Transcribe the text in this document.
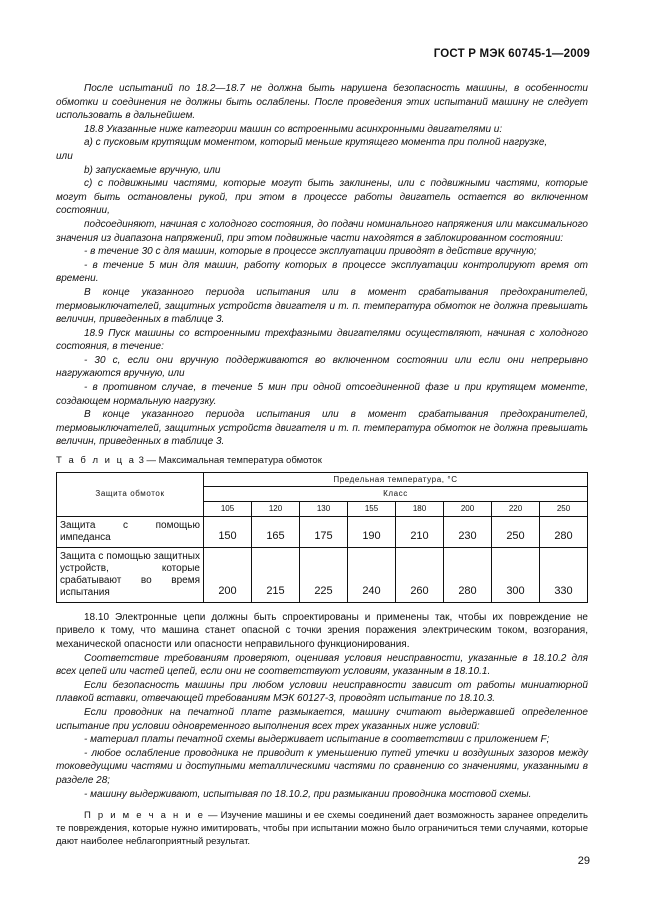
ГОСТ Р МЭК 60745-1—2009

После испытаний по 18.2—18.7 не должна быть нарушена безопасность машины, в особенности обмотки и соединения не должны быть ослаблены. После проведения этих испытаний машину не следует использовать в дальнейшем.

18.8 Указанные ниже категории машин со встроенными асинхронными двигателями и:

а) с пусковым крутящим моментом, который меньше крутящего момента при полной нагрузке,

или

b) запускаемые вручную, или

с) с подвижными частями, которые могут быть заклинены, или с подвижными частями, которые могут быть остановлены рукой, при этом в процессе работы двигатель остается во включенном состоянии,

подсоединяют, начиная с холодного состояния, до подачи номинального напряжения или максимального значения из диапазона напряжений, при этом подвижные части находятся в заблокированном состоянии:

- в течение 30 с для машин, которые в процессе эксплуатации приводят в действие вручную;

- в течение 5 мин для машин, работу которых в процессе эксплуатации контролируют время от времени.

В конце указанного периода испытания или в момент срабатывания предохранителей, термовыключателей, защитных устройств двигателя и т. п. температура обмоток не должна превышать величин, приведенных в таблице 3.

18.9 Пуск машины со встроенными трехфазными двигателями осуществляют, начиная с холодного состояния, в течение:

- 30 с, если они вручную поддерживаются во включенном состоянии или если они непрерывно нагружаются вручную, или

- в противном случае, в течение 5 мин при одной отсоединенной фазе и при крутящем моменте, создающем нормальную нагрузку.

В конце указанного периода испытания или в момент срабатывания предохранителей, термовыключателей, защитных устройств двигателя и т. п. температура обмоток не должна превышать величин, приведенных в таблице 3.

Т а б л и ц а 3 — Максимальная температура обмоток
Защита обмоток	Предельная температура, °С							
	Класс							
	105	120	130	155	180	200	220	250
Защита с помощью импеданса	150	165	175	190	210	230	250	280
Защита с помощью защитных устройств, которые срабатывают во время испытания	200	215	225	240	260	280	300	330

18.10 Электронные цепи должны быть спроектированы и применены так, чтобы их повреждение не привело к тому, что машина станет опасной с точки зрения поражения электрическим током, возгорания, механической опасности или опасности неправильного функционирования.

Соответствие требованиям проверяют, оценивая условия неисправности, указанные в 18.10.2 для всех цепей или частей цепей, если они не соответствуют условиям, указанным в 18.10.1.

Если безопасность машины при любом условии неисправности зависит от работы миниатюрной плавкой вставки, отвечающей требованиям МЭК 60127-3, проводят испытание по 18.10.3.

Если проводник на печатной плате размыкается, машину считают выдержавшей определенное испытание при условии одновременного выполнения всех трех указанных ниже условий:

- материал платы печатной схемы выдерживает испытание в соответствии с приложением F;

- любое ослабление проводника не приводит к уменьшению путей утечки и воздушных зазоров между токоведущими частями и доступными металлическими частями по сравнению со значениями, указанными в разделе 28;

- машину выдерживают, испытывая по 18.10.2, при размыкании проводника мостовой схемы.

П р и м е ч а н и е — Изучение машины и ее схемы соединений дает возможность заранее определить те повреждения, которые нужно имитировать, чтобы при испытании можно было ограничиться теми случаями, которые дают наиболее неблагоприятный результат.
29
